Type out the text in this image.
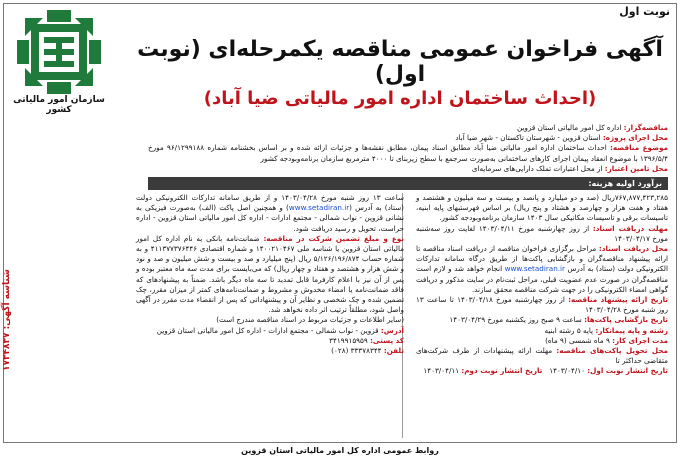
نوبت اول
سازمان امور مالیاتی کشور
آگهی فراخوان عمومی مناقصه یکمرحله‌ای (نوبت اول)
(احداث ساختمان اداره امور مالیاتی ضیا آباد)
مناقصه‌گزار: اداره کل امور مالیاتی استان قزوین
محل اجرای پروژه: استان قزوین - شهرستان تاکستان - شهر ضیا آباد
موضوع مناقصه: احداث ساختمان اداره امور مالیاتی ضیا آباد مطابق اسناد پیمان، مطابق نقشه‌ها و جزئیات ارائه شده و بر اساس بخشنامه شماره ۹۶/۱۲۹۹۱۸۸ مورخ ۱۳۹۶/۵/۴ با موضوع انعقاد پیمان اجرای کارهای ساختمانی به‌صورت سرجمع با سطح زیربنای تا ۴۰۰۰ مترمربع سازمان برنامه‌وبودجه کشور
محل تامین اعتبار: از محل اعتبارات تملک دارایی‌های سرمایه‌ای
برآورد اولیه هزینه:
۷۶۷,۸۷۷,۴۲۳,۲۸۵ریال (صد و دو میلیارد و پانصد و بیست و سه میلیون و هشتصد و هفتاد و هفت هزار و چهارصد و هشتاد و پنج ریال) بر اساس فهرستبهای پایه ابنیه، تاسیسات برقی و تاسیسات مکانیکی سال ۱۴۰۳ سازمان برنامه‌وبودجه کشور.
مهلت دریافت اسناد: از روز چهارشنبه مورخ ۱۴۰۳/۰۴/۱۱ لغایت روز سه‌شنبه مورخ ۱۴۰۳/۰۴/۱۷
محل دریافت اسناد: مراحل برگزاری فراخوان مناقصه از دریافت اسناد مناقصه تا ارائه پیشنهاد مناقصه‌گران و بازگشایی پاکت‌ها از طریق درگاه سامانه تدارکات الکترونیکی دولت (ستاد) به آدرس www.setadiran.ir انجام خواهد شد و لازم است مناقصه‌گران در صورت عدم عضویت قبلی، مراحل ثبت‌نام در سایت مذکور و دریافت گواهی امضاء الکترونیکی را در جهت شرکت مناقصه محقق سازند.
تاریخ ارائه پیشنهاد مناقصه: از روز چهارشنبه مورخ ۱۴۰۳/۰۴/۱۸ تا ساعت ۱۳ روز شنبه مورخ ۱۴۰۳/۰۴/۲۸
تاریخ بازگشایی پاکت‌ها: ساعت ۹ صبح روز یکشنبه مورخ ۱۴۰۳/۰۴/۲۹
رشته و پایه پیمانکار: پایه ۵ رشته ابنیه
مدت اجرای کار: ۹ ماه شمسی (۹ ماه)
محل تحویل پاکت‌های مناقصه: مهلت ارائه پیشنهادات از طرف شرکت‌های متقاضی حداکثر تا
تاریخ انتشار نوبت اول: ۱۴۰۳/۰۴/۱۰   تاریخ انتشار نوبت دوم: ۱۴۰۳/۰۴/۱۱
ساعت ۱۳ روز شنبه مورخ ۱۴۰۳/۰۴/۲۸ و از طریق سامانه تدارکات الکترونیکی دولت (ستاد) به آدرس (www.setadiran.ir) و همچنین اصل پاکت (الف) به‌صورت فیزیکی به نشانی قزوین - نواب شمالی - مجتمع ادارات - اداره کل امور مالیاتی استان قزوین - اداره حراست، تحویل و رسید دریافت شود.
نوع و مبلغ تضمین شرکت در مناقصه: ضمانت‌نامه بانکی به نام اداره کل امور مالیاتی استان قزوین یا شناسه ملی ۱۴۰۰۲۱۰۴۶۷ و شماره اقتصادی ۴۱۱۳۷۷۳۷۶۴۴۶ و به شماره حساب ۵/۱۲۶/۱۹۶/۸۷۴ ریال (پنج میلیارد و صد و بیست و شش میلیون و صد و نود و شش هزار و هشتصد و هفتاد و چهار ریال) که می‌بایست برای مدت سه ماه معتبر بوده و پس از آن نیز با اعلام کارفرما قابل تمدید تا سه ماه دیگر باشد. ضمناً به پیشنهادهای که فاقد ضمانت‌نامه یا امضاء مخدوش و مشروط و ضمانت‌نامه‌های کمتر از میزان مقرر، چک تضمین شده و چک شخصی و نظایر آن و پیشنهاداتی که پس از انقضاء مدت مقرر در آگهی واصل شود، مطلقاً ترتیب اثر داده نخواهد شد.
(سایر اطلاعات و جزئیات مربوط در اسناد مناقصه مندرج است)
آدرس: قزوین - نواب شمالی - مجتمع ادارات - اداره کل امور مالیاتی استان قزوین
کد پستی: ۳۴۱۹۹۱۵۹۵۹
تلفن: ۳۳۳۷۸۳۴۴ (۰۲۸)
شناسه آگهی: ۱۷۳۴۸۳۷
روابط عمومی اداره کل امور مالیاتی استان قزوین
